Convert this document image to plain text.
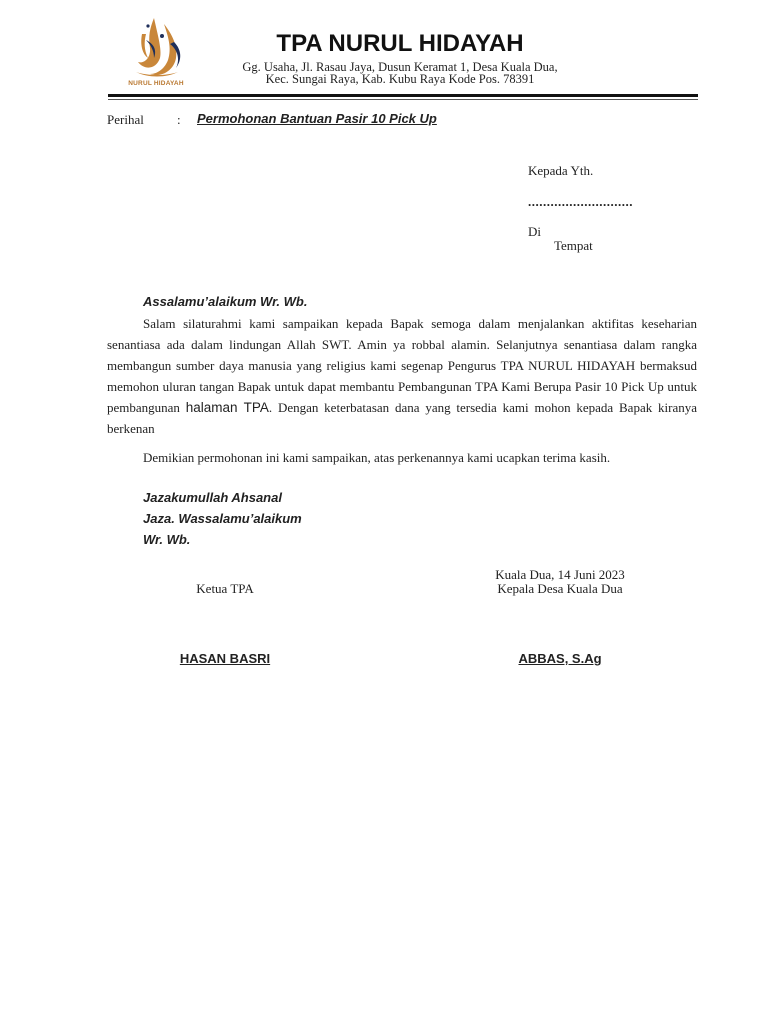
NURUL HIDAYAH
TPA NURUL HIDAYAH
Gg. Usaha, Jl. Rasau Jaya, Dusun Keramat 1, Desa Kuala Dua,
Kec. Sungai Raya, Kab. Kubu Raya Kode Pos. 78391
Perihal	: Permohonan Bantuan Pasir 10 Pick Up
Kepada Yth.
............................
Di
Tempat
Assalamu’alaikum Wr. Wb.
Salam silaturahmi kami sampaikan kepada Bapak semoga dalam menjalankan aktifitas keseharian senantiasa ada dalam lindungan Allah SWT. Amin ya robbal alamin. Selanjutnya senantiasa dalam rangka membangun sumber daya manusia yang religius kami segenap Pengurus TPA NURUL HIDAYAH bermaksud memohon uluran tangan Bapak untuk dapat membantu Pembangunan TPA Kami Berupa Pasir 10 Pick Up untuk pembangunan halaman TPA. Dengan keterbatasan dana yang tersedia kami mohon kepada Bapak kiranya berkenan
Demikian permohonan ini kami sampaikan, atas perkenannya kami ucapkan terima kasih.
Jazakumullah Ahsanal
Jaza. Wassalamu’alaikum
Wr. Wb.
Kuala Dua, 14 Juni 2023
Ketua TPA	Kepala Desa Kuala Dua
HASAN BASRI	ABBAS, S.Ag
